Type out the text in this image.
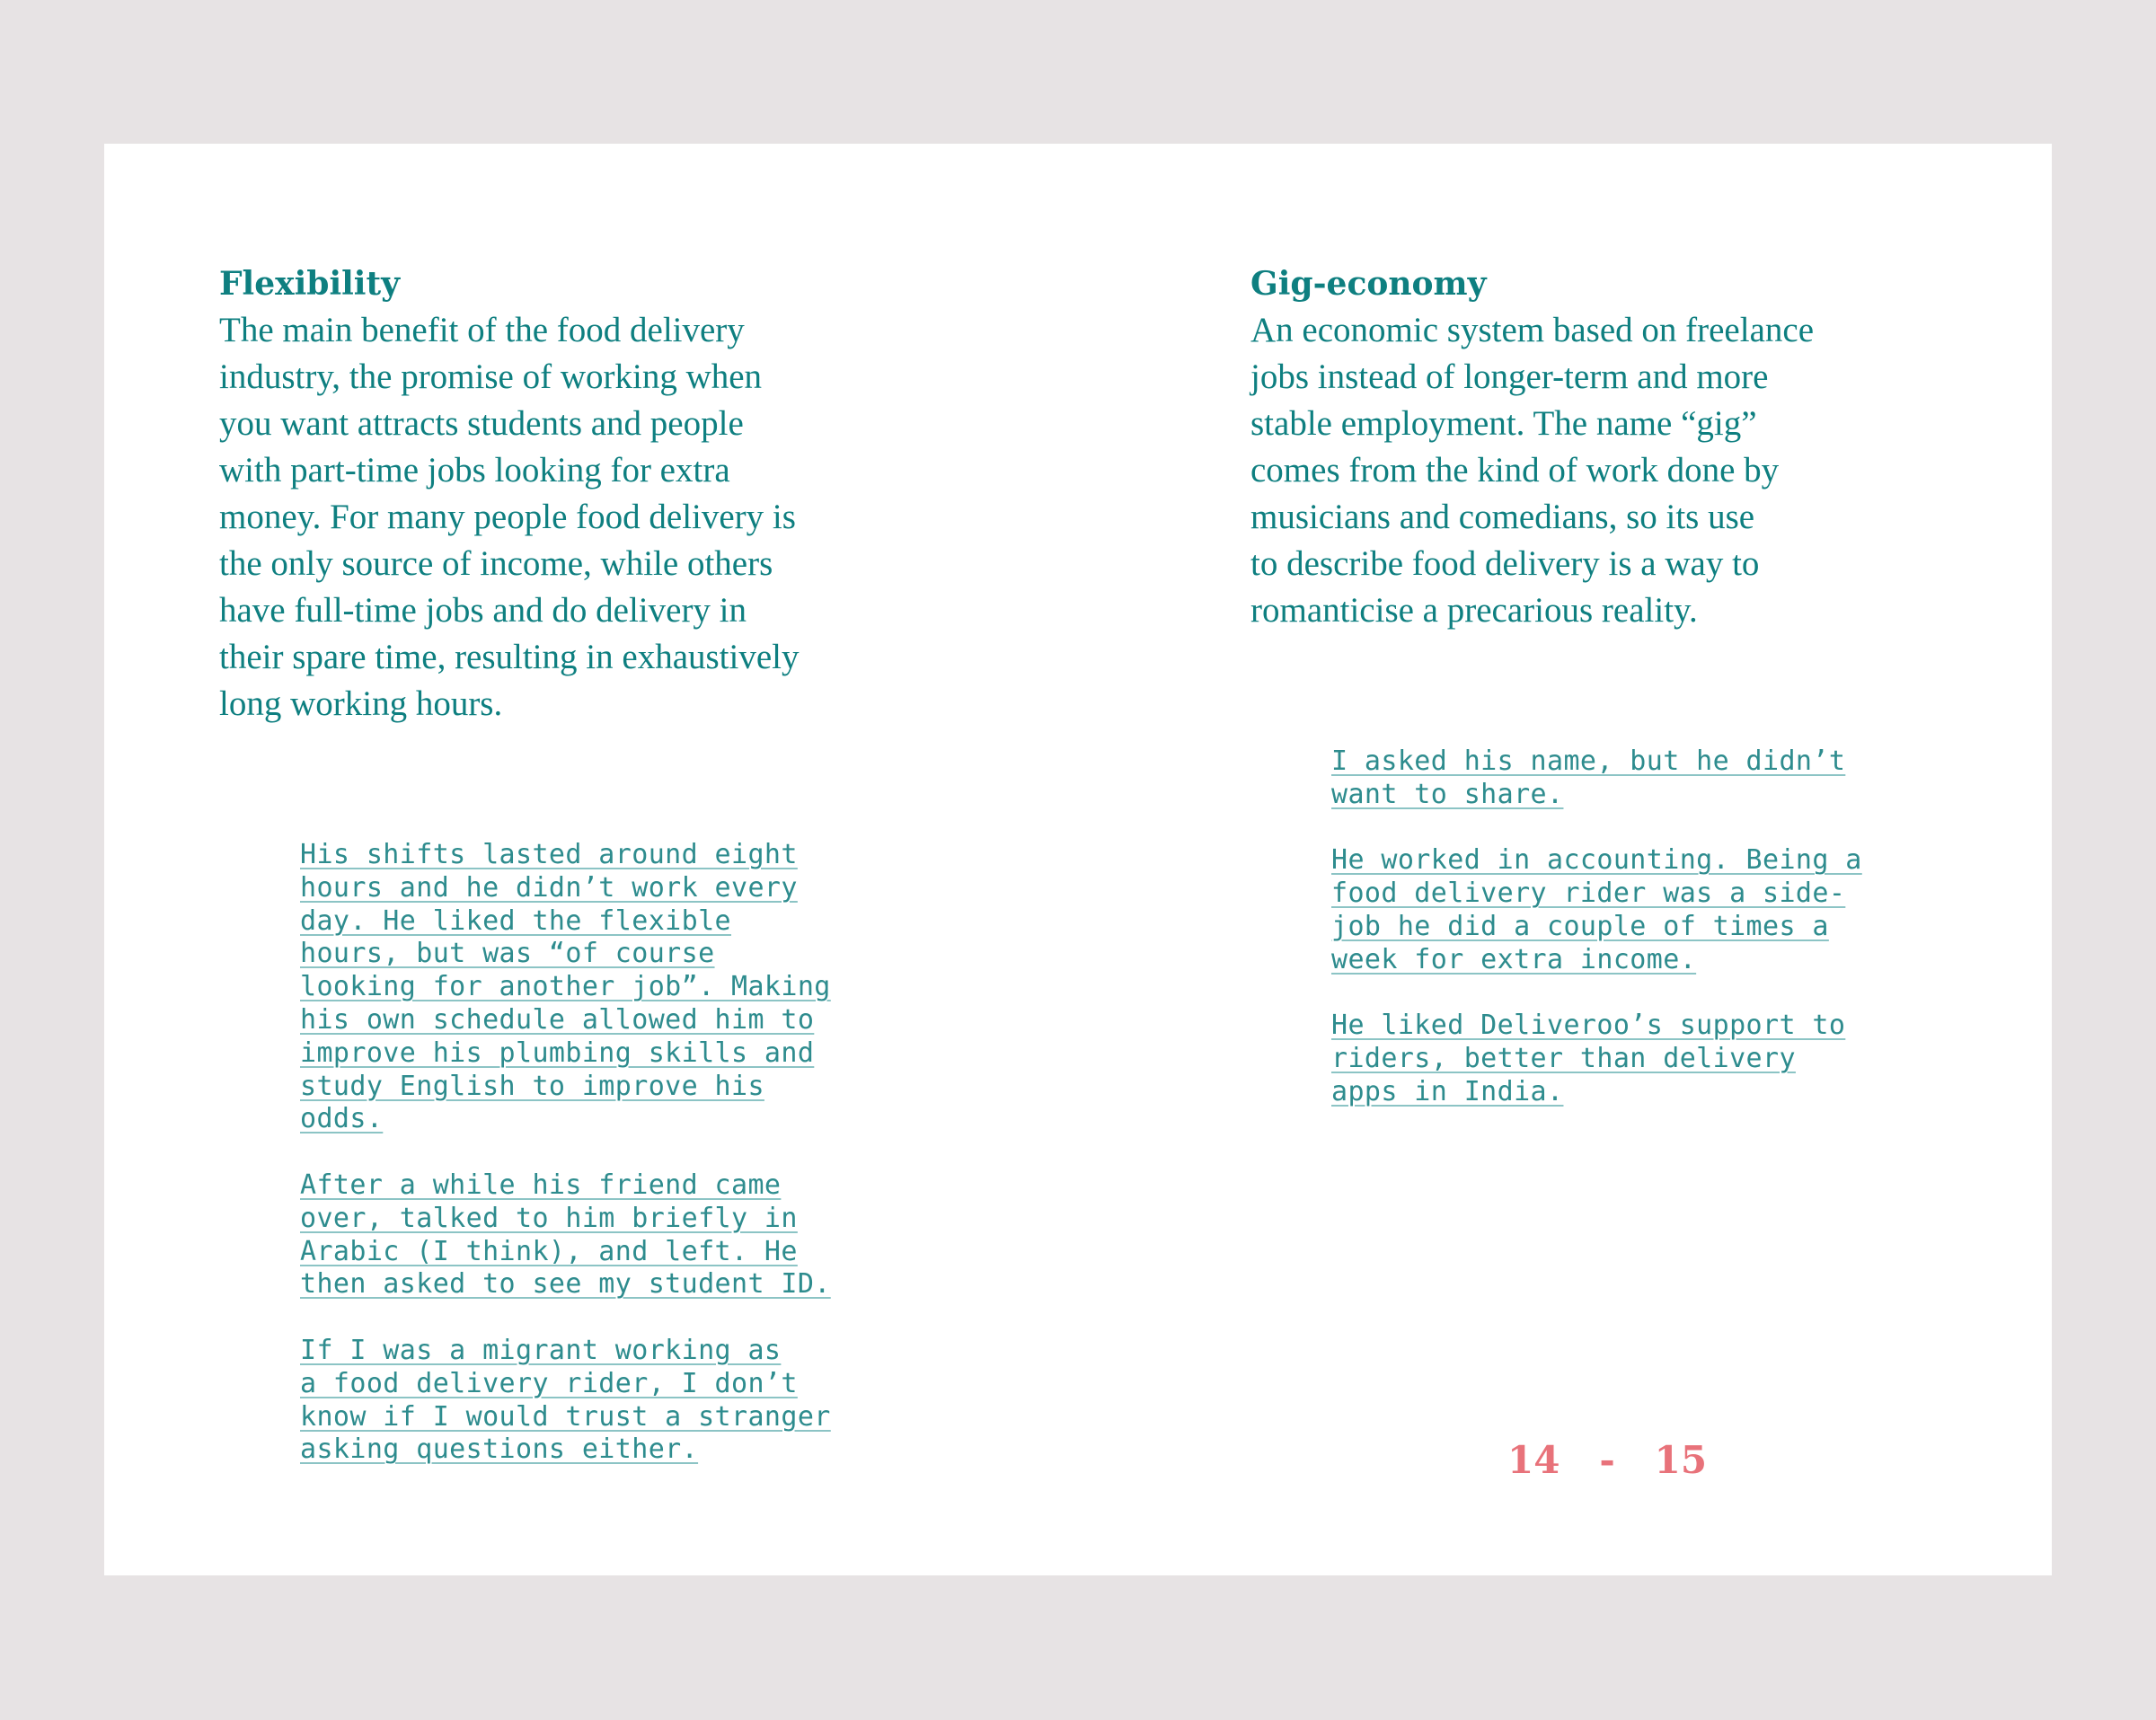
Flexibility

The main benefit of the food delivery
industry, the promise of working when
you want attracts students and people
with part-time jobs looking for extra
money. For many people food delivery is
the only source of income, while others
have full-time jobs and do delivery in
their spare time, resulting in exhaustively
long working hours.

Gig-economy

An economic system based on freelance
jobs instead of longer-term and more
stable employment. The name “gig”
comes from the kind of work done by
musicians and comedians, so its use
to describe food delivery is a way to
romanticise a precarious reality.

His shifts lasted around eight
hours and he didn’t work every
day. He liked the flexible
hours, but was “of course
looking for another job”. Making
his own schedule allowed him to
improve his plumbing skills and
study English to improve his
odds.

After a while his friend came
over, talked to him briefly in
Arabic (I think), and left. He
then asked to see my student ID.

If I was a migrant working as
a food delivery rider, I don’t
know if I would trust a stranger
asking questions either.

I asked his name, but he didn’t
want to share.

He worked in accounting. Being a
food delivery rider was a side-
job he did a couple of times a
week for extra income.

He liked Deliveroo’s support to
riders, better than delivery
apps in India.

14 - 15
